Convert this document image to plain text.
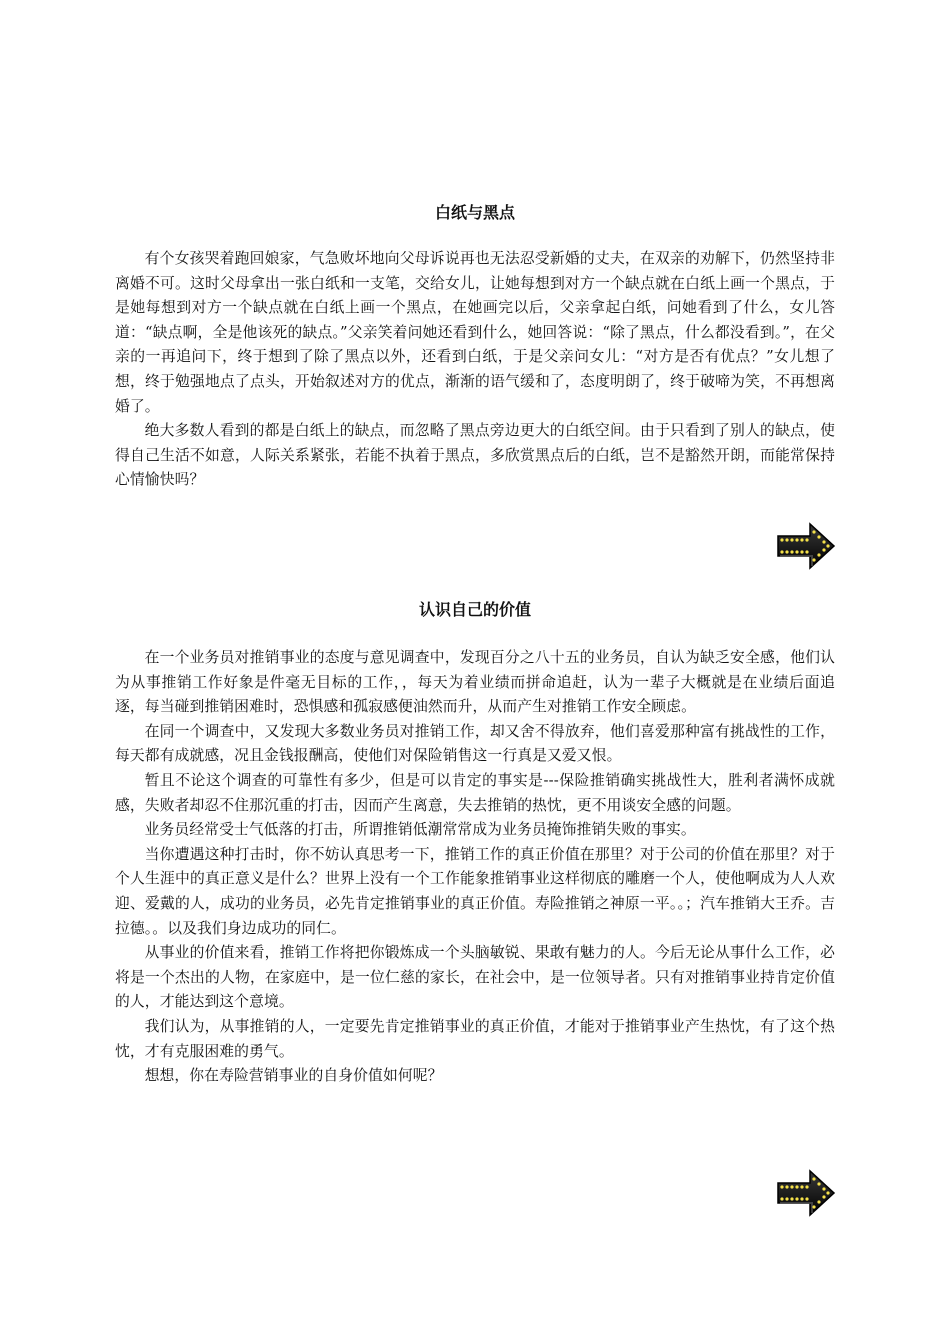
白纸与黑点

有个女孩哭着跑回娘家，气急败坏地向父母诉说再也无法忍受新婚的丈夫，在双亲的劝解下，仍然坚持非离婚不可。这时父母拿出一张白纸和一支笔，交给女儿，让她每想到对方一个缺点就在白纸上画一个黑点，于是她每想到对方一个缺点就在白纸上画一个黑点，在她画完以后，父亲拿起白纸，问她看到了什么，女儿答道：“缺点啊，全是他该死的缺点。”父亲笑着问她还看到什么，她回答说：“除了黑点，什么都没看到。”，在父亲的一再追问下，终于想到了除了黑点以外，还看到白纸，于是父亲问女儿：“对方是否有优点？”女儿想了想，终于勉强地点了点头，开始叙述对方的优点，渐渐的语气缓和了，态度明朗了，终于破啼为笑，不再想离婚了。

绝大多数人看到的都是白纸上的缺点，而忽略了黑点旁边更大的白纸空间。由于只看到了别人的缺点，使得自己生活不如意，人际关系紧张，若能不执着于黑点，多欣赏黑点后的白纸，岂不是豁然开朗，而能常保持心情愉快吗？

认识自己的价值

在一个业务员对推销事业的态度与意见调查中，发现百分之八十五的业务员，自认为缺乏安全感，他们认为从事推销工作好象是件毫无目标的工作，，每天为着业绩而拼命追赶，认为一辈子大概就是在业绩后面追逐，每当碰到推销困难时，恐惧感和孤寂感便油然而升，从而产生对推销工作安全顾虑。

在同一个调查中，又发现大多数业务员对推销工作，却又舍不得放弃，他们喜爱那种富有挑战性的工作，每天都有成就感，况且金钱报酬高，使他们对保险销售这一行真是又爱又恨。

暂且不论这个调查的可靠性有多少，但是可以肯定的事实是---保险推销确实挑战性大，胜利者满怀成就感，失败者却忍不住那沉重的打击，因而产生离意，失去推销的热忱，更不用谈安全感的问题。

业务员经常受士气低落的打击，所谓推销低潮常常成为业务员掩饰推销失败的事实。

当你遭遇这种打击时，你不妨认真思考一下，推销工作的真正价值在那里？对于公司的价值在那里？对于个人生涯中的真正意义是什么？世界上没有一个工作能象推销事业这样彻底的雕磨一个人，使他啊成为人人欢迎、爱戴的人，成功的业务员，必先肯定推销事业的真正价值。寿险推销之神原一平。。；汽车推销大王乔。吉拉德。。以及我们身边成功的同仁。

从事业的价值来看，推销工作将把你锻炼成一个头脑敏锐、果敢有魅力的人。今后无论从事什么工作，必将是一个杰出的人物，在家庭中，是一位仁慈的家长，在社会中，是一位领导者。只有对推销事业持肯定价值的人，才能达到这个意境。

我们认为，从事推销的人，一定要先肯定推销事业的真正价值，才能对于推销事业产生热忱，有了这个热忱，才有克服困难的勇气。

想想，你在寿险营销事业的自身价值如何呢？
